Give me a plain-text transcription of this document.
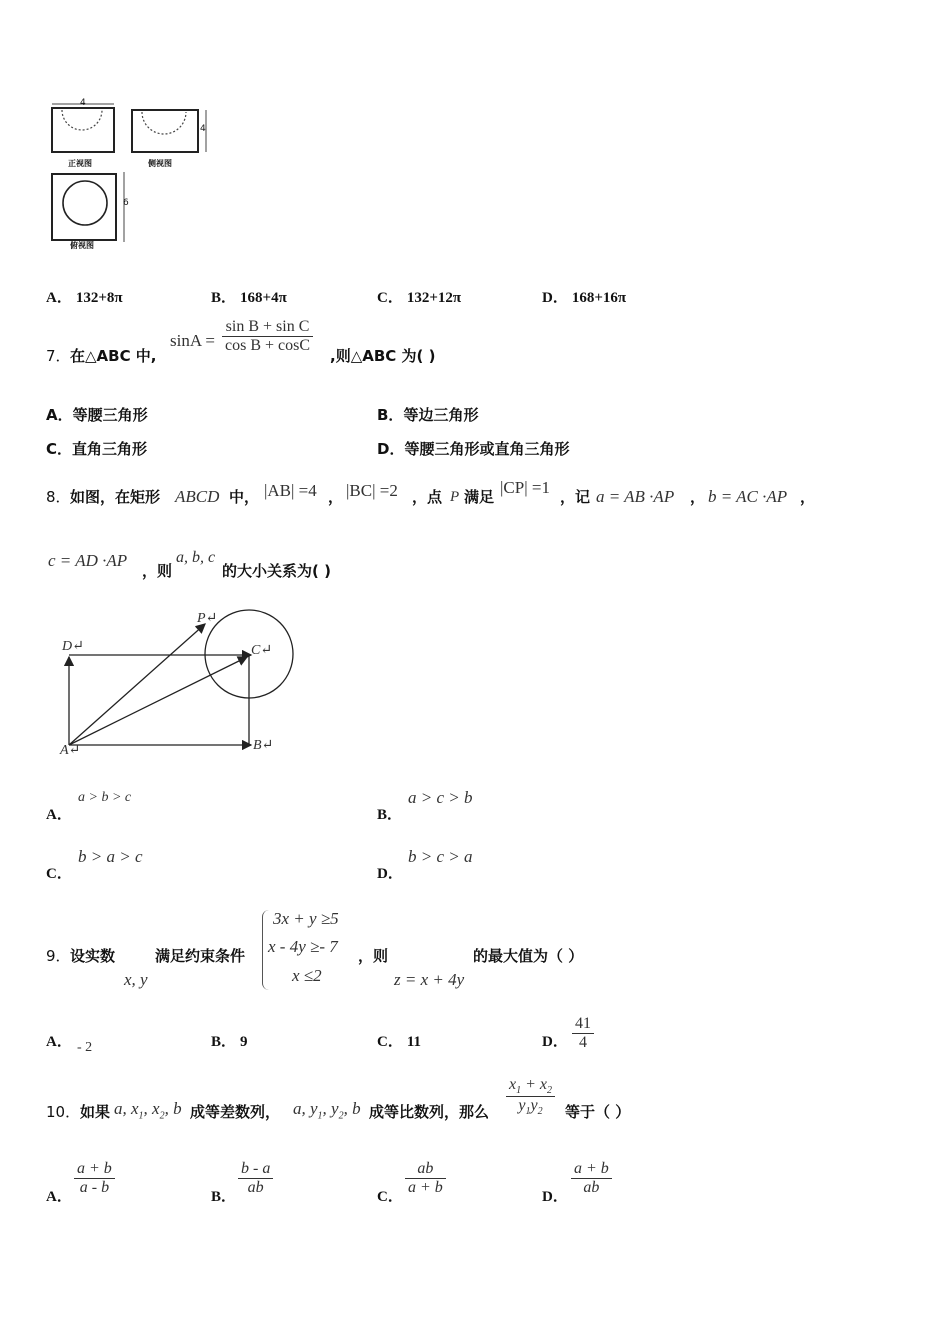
4
4
6
正视图	侧视图
俯视图
A． 132+8π	B． 168+4π	C． 132+12π	D． 168+16π
7． 在△ABC 中,
sinA =
sin B + sin C
cos B + cosC
,则△ABC 为( )
A．等腰三角形	B．等边三角形
C．直角三角形	D．等腰三角形或直角三角形
8． 如图，在矩形 ABCD 中， |AB| =4 ， |BC| =2 ，点 P 满足 |CP| =1 ，记 a = AB ·AP ， b = AC ·AP ，
c = AD ·AP
，则
a, b, c
的大小关系为( )
P↵
C↵
D↵
A↵	B↵
A．
a > b > c
B．
a > c > b
C．
b > a > c
D．
b > c > a
9． 设实数
x, y
满足约束条件
3x + y ≥5
x - 4y ≥- 7
x ≤2
，则
z = x + 4y
的最大值为（ ）
A． - 2	B． 9	C． 11	D．
41
4
10． 如果 a, $x_1$, $x_2$, b 成等差数列， a, $y_1$, $y_2$, b 成等比数列，那么
$x_1 + x_2$
$y_1y_2$ 等于（ ）
A．
a + b
a - b
B．
b - a
ab
C．
ab
a + b
D．
a + b
ab
